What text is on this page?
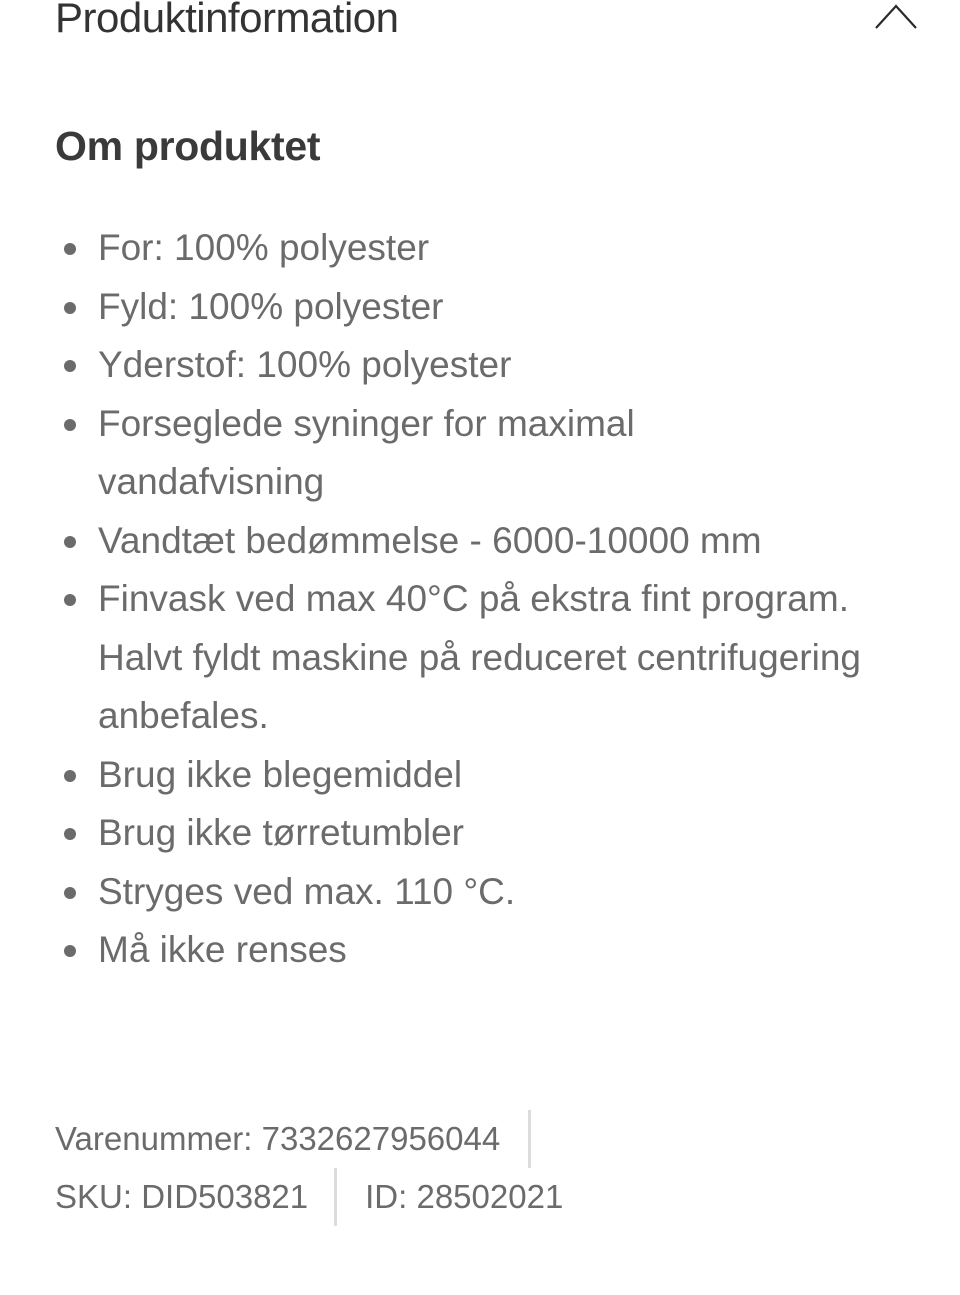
Produktinformation
Om produktet
For: 100% polyester
Fyld: 100% polyester
Yderstof: 100% polyester
Forseglede syninger for maximal vandafvisning
Vandtæt bedømmelse - 6000-10000 mm
Finvask ved max 40°C på ekstra fint program. Halvt fyldt maskine på reduceret centrifugering anbefales.
Brug ikke blegemiddel
Brug ikke tørretumbler
Stryges ved max. 110 °C.
Må ikke renses
Varenummer: 7332627956044
SKU: DID503821 ID: 28502021
